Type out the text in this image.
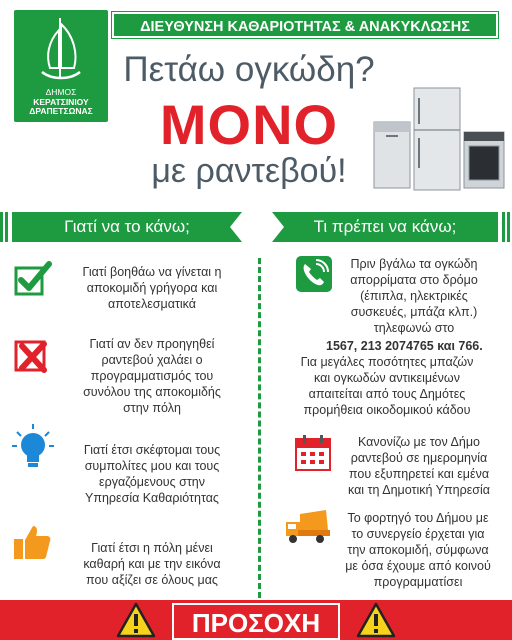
ΔΗΜΟΣ
ΚΕΡΑΤΣΙΝΙΟΥ
ΔΡΑΠΕΤΣΩΝΑΣ
ΔΙΕΥΘΥΝΣΗ ΚΑΘΑΡΙΟΤΗΤΑΣ & ΑΝΑΚΥΚΛΩΣΗΣ
Πετάω ογκώδη?
ΜΟΝΟ
με ραντεβού!
Γιατί να το κάνω;	Τι πρέπει να κάνω;
Γιατί βοηθάω να γίνεται η
αποκομιδή γρήγορα και
αποτελεσματικά
Γιατί αν δεν προηγηθεί
ραντεβού χαλάει ο
προγραμματισμός του
συνόλου της αποκομιδής
στην πόλη
Γιατί έτσι σκέφτομαι τους
συμπολίτες μου και τους
εργαζόμενους στην
Υπηρεσία Καθαριότητας
Γιατί έτσι η πόλη μένει
καθαρή και με την εικόνα
που αξίζει σε όλους μας
Πριν βγάλω τα ογκώδη
απορρίματα στο δρόμο
(έπιπλα, ηλεκτρικές
συσκευές, μπάζα κλπ.)
τηλεφωνώ στο
1567, 213 2074765 και 766.
Για μεγάλες ποσότητες μπαζών
και ογκωδών αντικειμένων
απαιτείται από τους Δημότες
προμήθεια οικοδομικού κάδου
Κανονίζω με τον Δήμο
ραντεβού σε ημερομηνία
που εξυπηρετεί και εμένα
και τη Δημοτική Υπηρεσία
Το φορτηγό του Δήμου με
το συνεργείο έρχεται για
την αποκομιδή, σύμφωνα
με όσα έχουμε από κοινού
προγραμματίσει
ΠΡΟΣΟΧΗ
